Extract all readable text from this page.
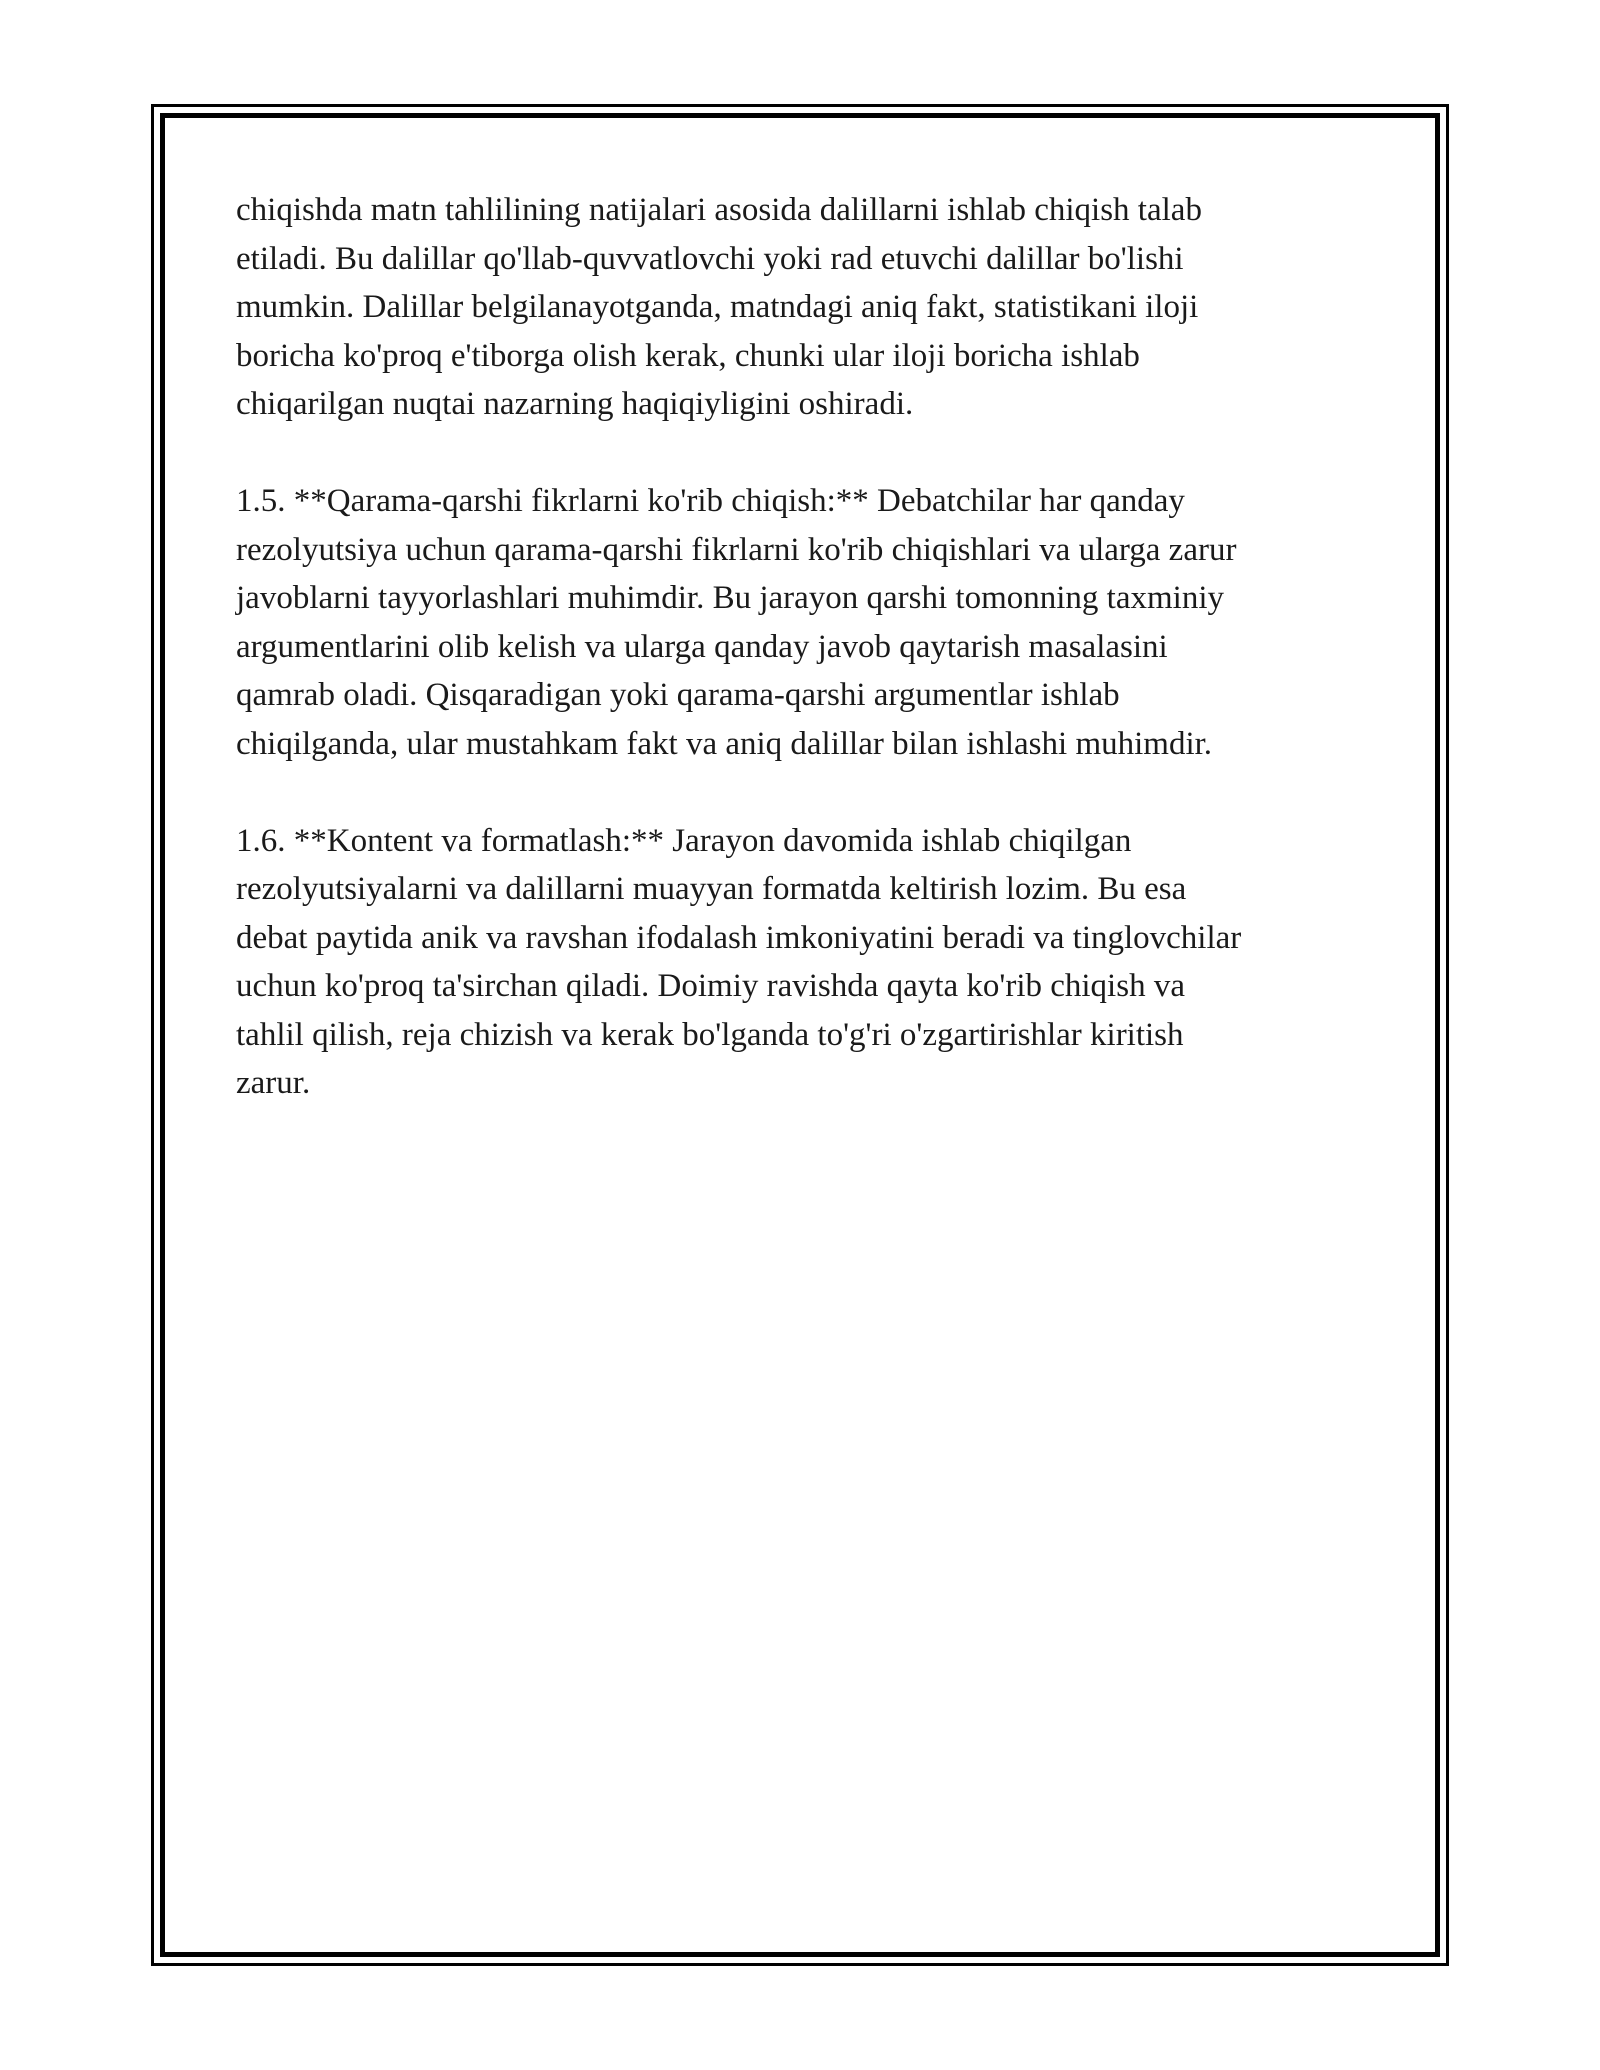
chiqishda matn tahlilining natijalari asosida dalillarni ishlab chiqish talab
etiladi. Bu dalillar qo'llab-quvvatlovchi yoki rad etuvchi dalillar bo'lishi
mumkin. Dalillar belgilanayotganda, matndagi aniq fakt, statistikani iloji
boricha ko'proq e'tiborga olish kerak, chunki ular iloji boricha ishlab
chiqarilgan nuqtai nazarning haqiqiyligini oshiradi.

1.5. **Qarama-qarshi fikrlarni ko'rib chiqish:** Debatchilar har qanday
rezolyutsiya uchun qarama-qarshi fikrlarni ko'rib chiqishlari va ularga zarur
javoblarni tayyorlashlari muhimdir. Bu jarayon qarshi tomonning taxminiy
argumentlarini olib kelish va ularga qanday javob qaytarish masalasini
qamrab oladi. Qisqaradigan yoki qarama-qarshi argumentlar ishlab
chiqilganda, ular mustahkam fakt va aniq dalillar bilan ishlashi muhimdir.

1.6. **Kontent va formatlash:** Jarayon davomida ishlab chiqilgan
rezolyutsiyalarni va dalillarni muayyan formatda keltirish lozim. Bu esa
debat paytida anik va ravshan ifodalash imkoniyatini beradi va tinglovchilar
uchun ko'proq ta'sirchan qiladi. Doimiy ravishda qayta ko'rib chiqish va
tahlil qilish, reja chizish va kerak bo'lganda to'g'ri o'zgartirishlar kiritish
zarur.
